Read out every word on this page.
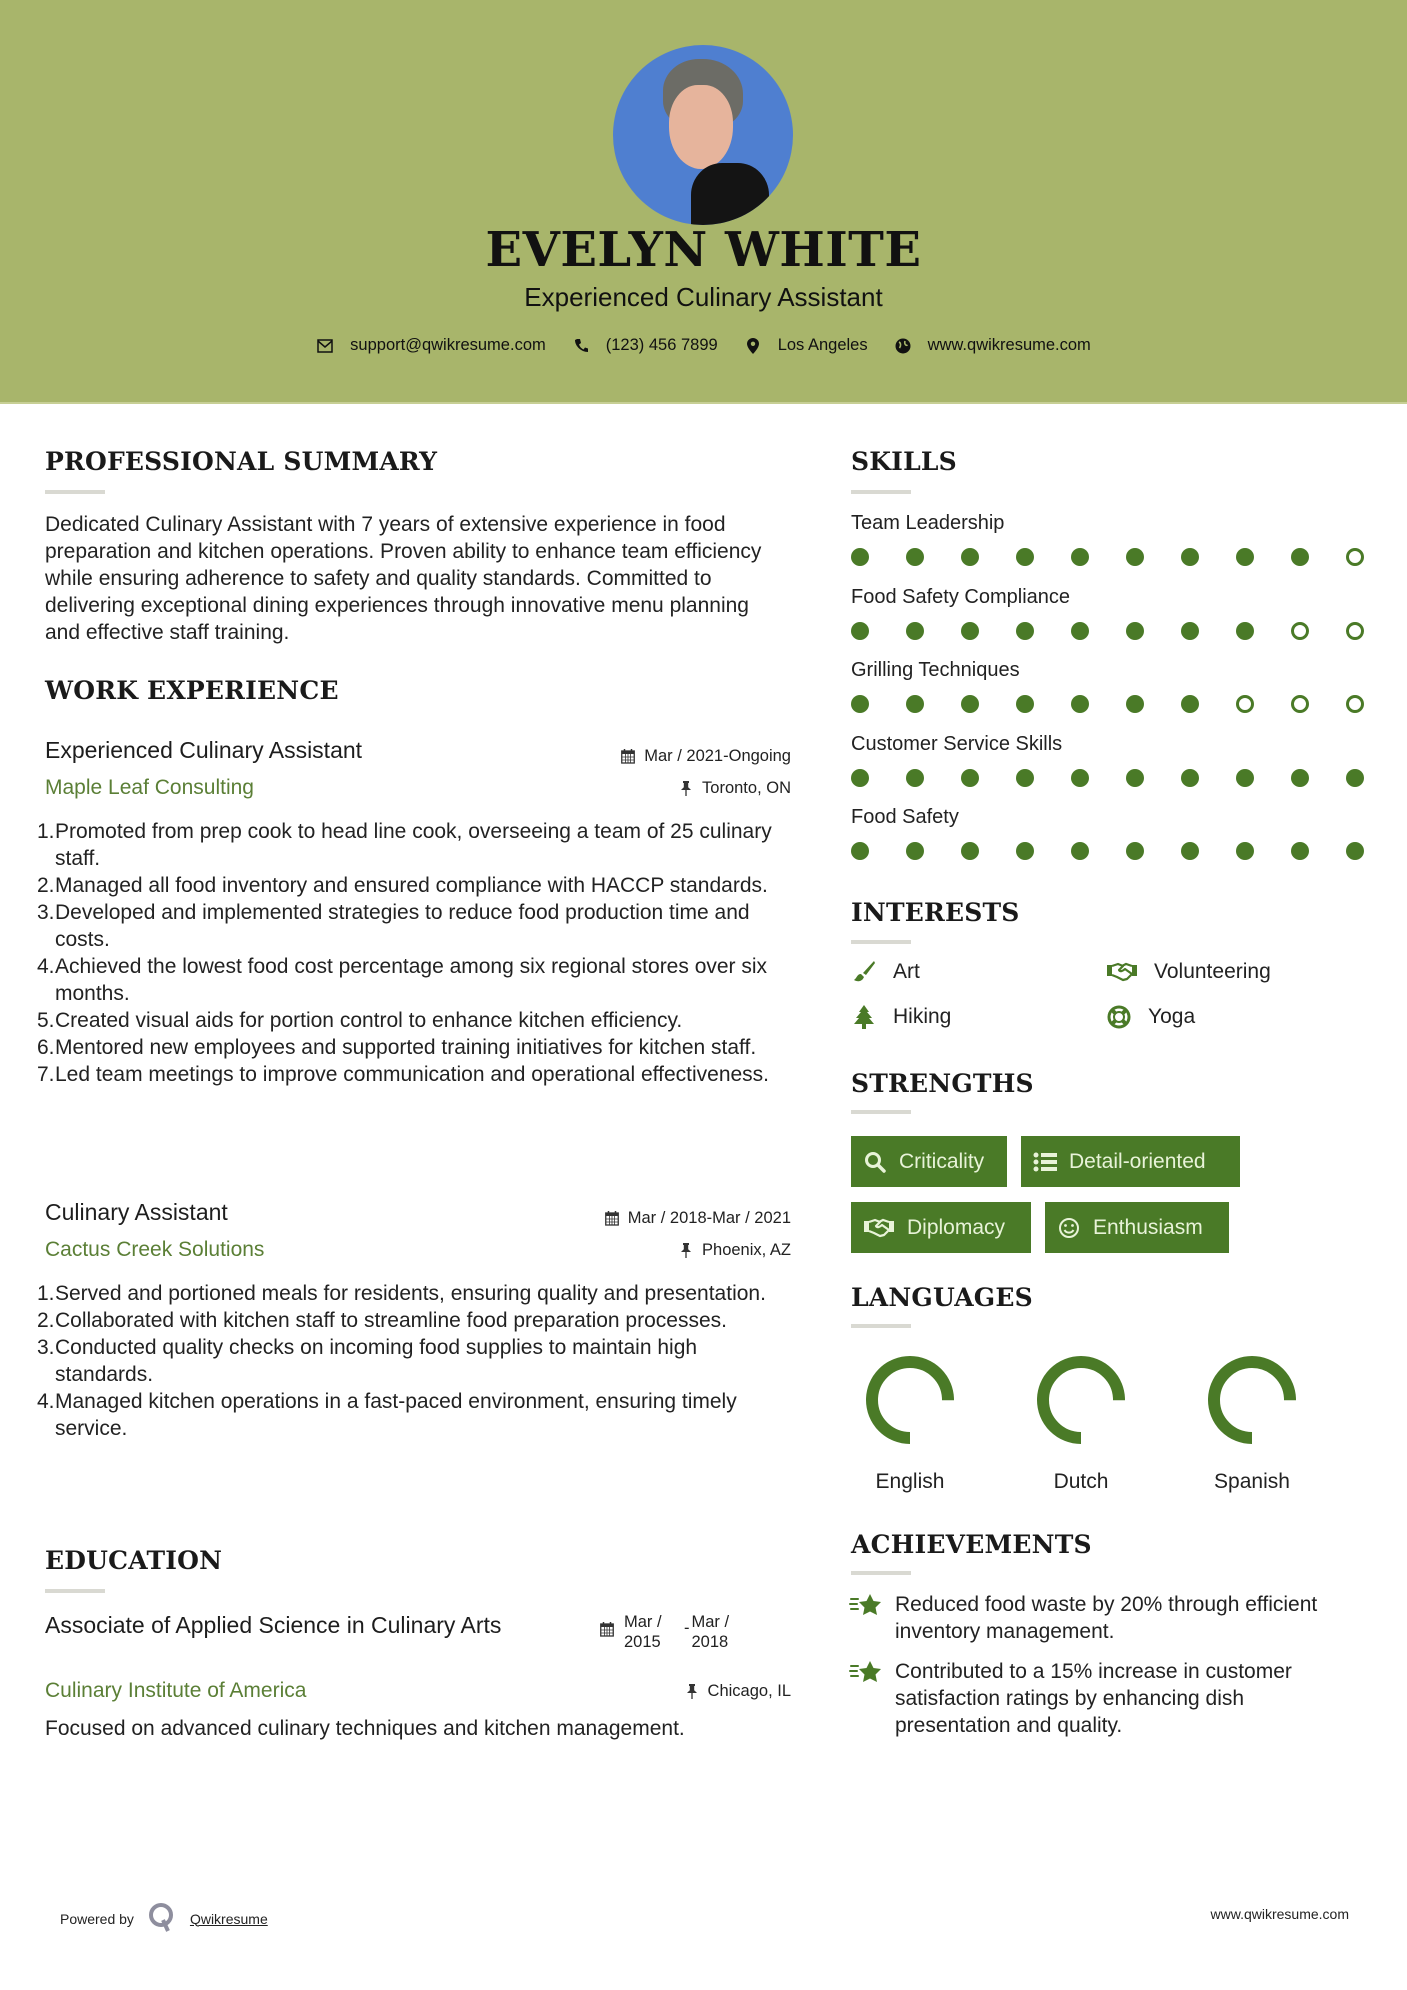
EVELYN WHITE
Experienced Culinary Assistant
support@qwikresume.com	(123) 456 7899	Los Angeles	www.qwikresume.com
PROFESSIONAL SUMMARY
Dedicated Culinary Assistant with 7 years of extensive experience in food preparation and kitchen operations. Proven ability to enhance team efficiency while ensuring adherence to safety and quality standards. Committed to delivering exceptional dining experiences through innovative menu planning and effective staff training.
WORK EXPERIENCE
Experienced Culinary Assistant	Mar / 2021-Ongoing
Maple Leaf Consulting	Toronto, ON
1. Promoted from prep cook to head line cook, overseeing a team of 25 culinary staff.
2. Managed all food inventory and ensured compliance with HACCP standards.
3. Developed and implemented strategies to reduce food production time and costs.
4. Achieved the lowest food cost percentage among six regional stores over six months.
5. Created visual aids for portion control to enhance kitchen efficiency.
6. Mentored new employees and supported training initiatives for kitchen staff.
7. Led team meetings to improve communication and operational effectiveness.
Culinary Assistant	Mar / 2018-Mar / 2021
Cactus Creek Solutions	Phoenix, AZ
1. Served and portioned meals for residents, ensuring quality and presentation.
2. Collaborated with kitchen staff to streamline food preparation processes.
3. Conducted quality checks on incoming food supplies to maintain high standards.
4. Managed kitchen operations in a fast-paced environment, ensuring timely service.
EDUCATION
Associate of Applied Science in Culinary Arts	Mar / 2015
- Mar / 2018
Culinary Institute of America	Chicago, IL
Focused on advanced culinary techniques and kitchen management.
SKILLS
Team Leadership
Food Safety Compliance
Grilling Techniques
Customer Service Skills
Food Safety
INTERESTS
Art	Volunteering
Hiking	Yoga
STRENGTHS
Criticality	Detail-oriented
Diplomacy	Enthusiasm
LANGUAGES
English	Dutch	Spanish
ACHIEVEMENTS
Reduced food waste by 20% through efficient inventory management.
Contributed to a 15% increase in customer satisfaction ratings by enhancing dish presentation and quality.
Powered by	Qwikresume	www.qwikresume.com
